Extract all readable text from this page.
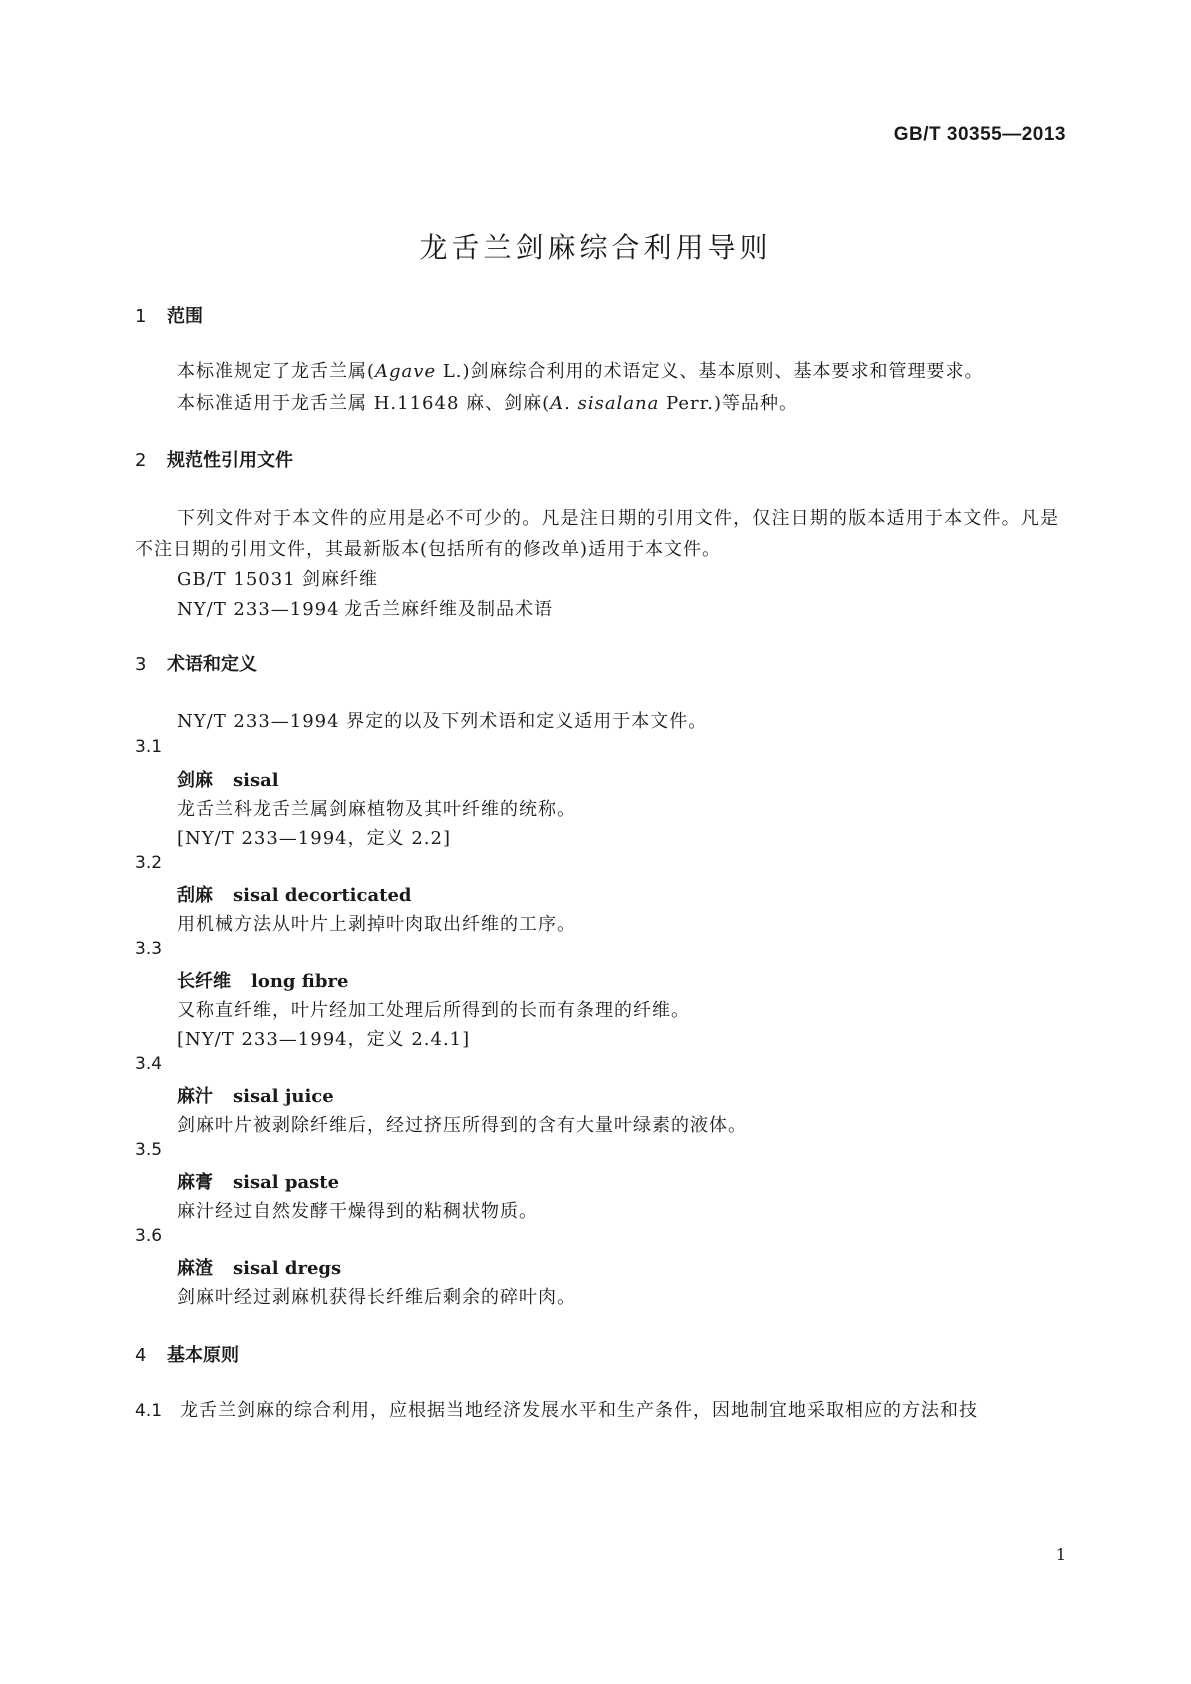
GB/T 30355—2013
龙舌兰剑麻综合利用导则
1 范围
本标准规定了龙舌兰属(Agave L.)剑麻综合利用的术语定义、基本原则、基本要求和管理要求。
本标准适用于龙舌兰属 H.11648 麻、剑麻(A. sisalana Perr.)等品种。
2 规范性引用文件
下列文件对于本文件的应用是必不可少的。凡是注日期的引用文件，仅注日期的版本适用于本文件。凡是不注日期的引用文件，其最新版本(包括所有的修改单)适用于本文件。
GB/T 15031 剑麻纤维
NY/T 233—1994 龙舌兰麻纤维及制品术语
3 术语和定义
NY/T 233—1994 界定的以及下列术语和定义适用于本文件。
3.1
剑麻 sisal
龙舌兰科龙舌兰属剑麻植物及其叶纤维的统称。
[NY/T 233—1994，定义 2.2]
3.2
刮麻 sisal decorticated
用机械方法从叶片上剥掉叶肉取出纤维的工序。
3.3
长纤维 long fibre
又称直纤维，叶片经加工处理后所得到的长而有条理的纤维。
[NY/T 233—1994，定义 2.4.1]
3.4
麻汁 sisal juice
剑麻叶片被剥除纤维后，经过挤压所得到的含有大量叶绿素的液体。
3.5
麻膏 sisal paste
麻汁经过自然发酵干燥得到的粘稠状物质。
3.6
麻渣 sisal dregs
剑麻叶经过剥麻机获得长纤维后剩余的碎叶肉。
4 基本原则
4.1 龙舌兰剑麻的综合利用，应根据当地经济发展水平和生产条件，因地制宜地采取相应的方法和技
1
